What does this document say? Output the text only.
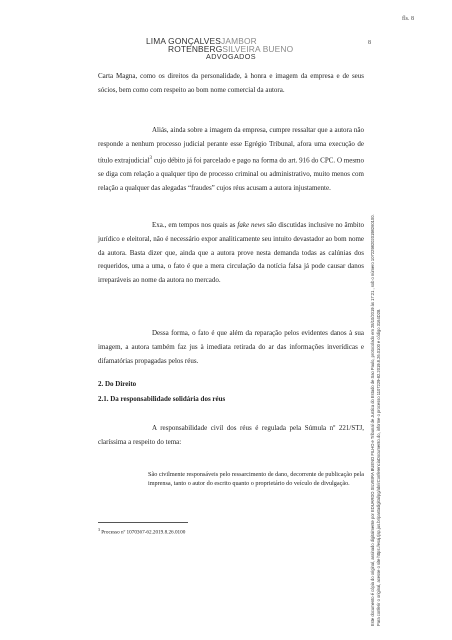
fls. 8
8
LIMA GONÇALVESJAMBOR
ROTENBERGSILVEIRA BUENO
ADVOGADOS
Carta Magna, como os direitos da personalidade, à honra e imagem da empresa e de seus sócios, bem como com respeito ao bom nome comercial da autora.
Aliás, ainda sobre a imagem da empresa, cumpre ressaltar que a autora não responde a nenhum processo judicial perante esse Egrégio Tribunal, afora uma execução de título extrajudicial$^3$ cujo débito já foi parcelado e pago na forma do art. 916 do CPC. O mesmo se diga com relação a qualquer tipo de processo criminal ou administrativo, muito menos com relação a qualquer das alegadas “fraudes” cujos réus acusam a autora injustamente.
Exa., em tempos nos quais as fake news são discutidas inclusive no âmbito jurídico e eleitoral, não é necessário expor analiticamente seu intuito devastador ao bom nome da autora. Basta dizer que, ainda que a autora prove nesta demanda todas as calúnias dos requeridos, uma a uma, o fato é que a mera circulação da notícia falsa já pode causar danos irreparáveis ao nome da autora no mercado.
Dessa forma, o fato é que além da reparação pelos evidentes danos à sua imagem, a autora também faz jus à imediata retirada do ar das informações inverídicas e difamatórias propagadas pelos réus.
2. Do Direito
2.1. Da responsabilidade solidária dos réus
A responsabilidade civil dos réus é regulada pela Súmula nº 221/STJ, claríssima a respeito do tema:
São civilmente responsáveis pelo ressarcimento de dano, decorrente de publicação pela imprensa, tanto o autor do escrito quanto o proprietário do veículo de divulgação.
$^3$ Processo nº 1070367-62.2019.8.26.0100	Este documento é cópia do original, assinado digitalmente por EDUARDO SILVEIRA BUENO FILHO e Tribunal de Justica do Estado de Sao Paulo, protocolado em 28/10/2019 às 17:21 , sob o número 10722982020198260100. Para conferir o original, acesse o site https://esaj.tjsp.jus.br/pastadigital/pg/abrirConferenciaDocumento.do, informe o processo 1107229-82.2019.8.26.0100 e código 3164D28.
